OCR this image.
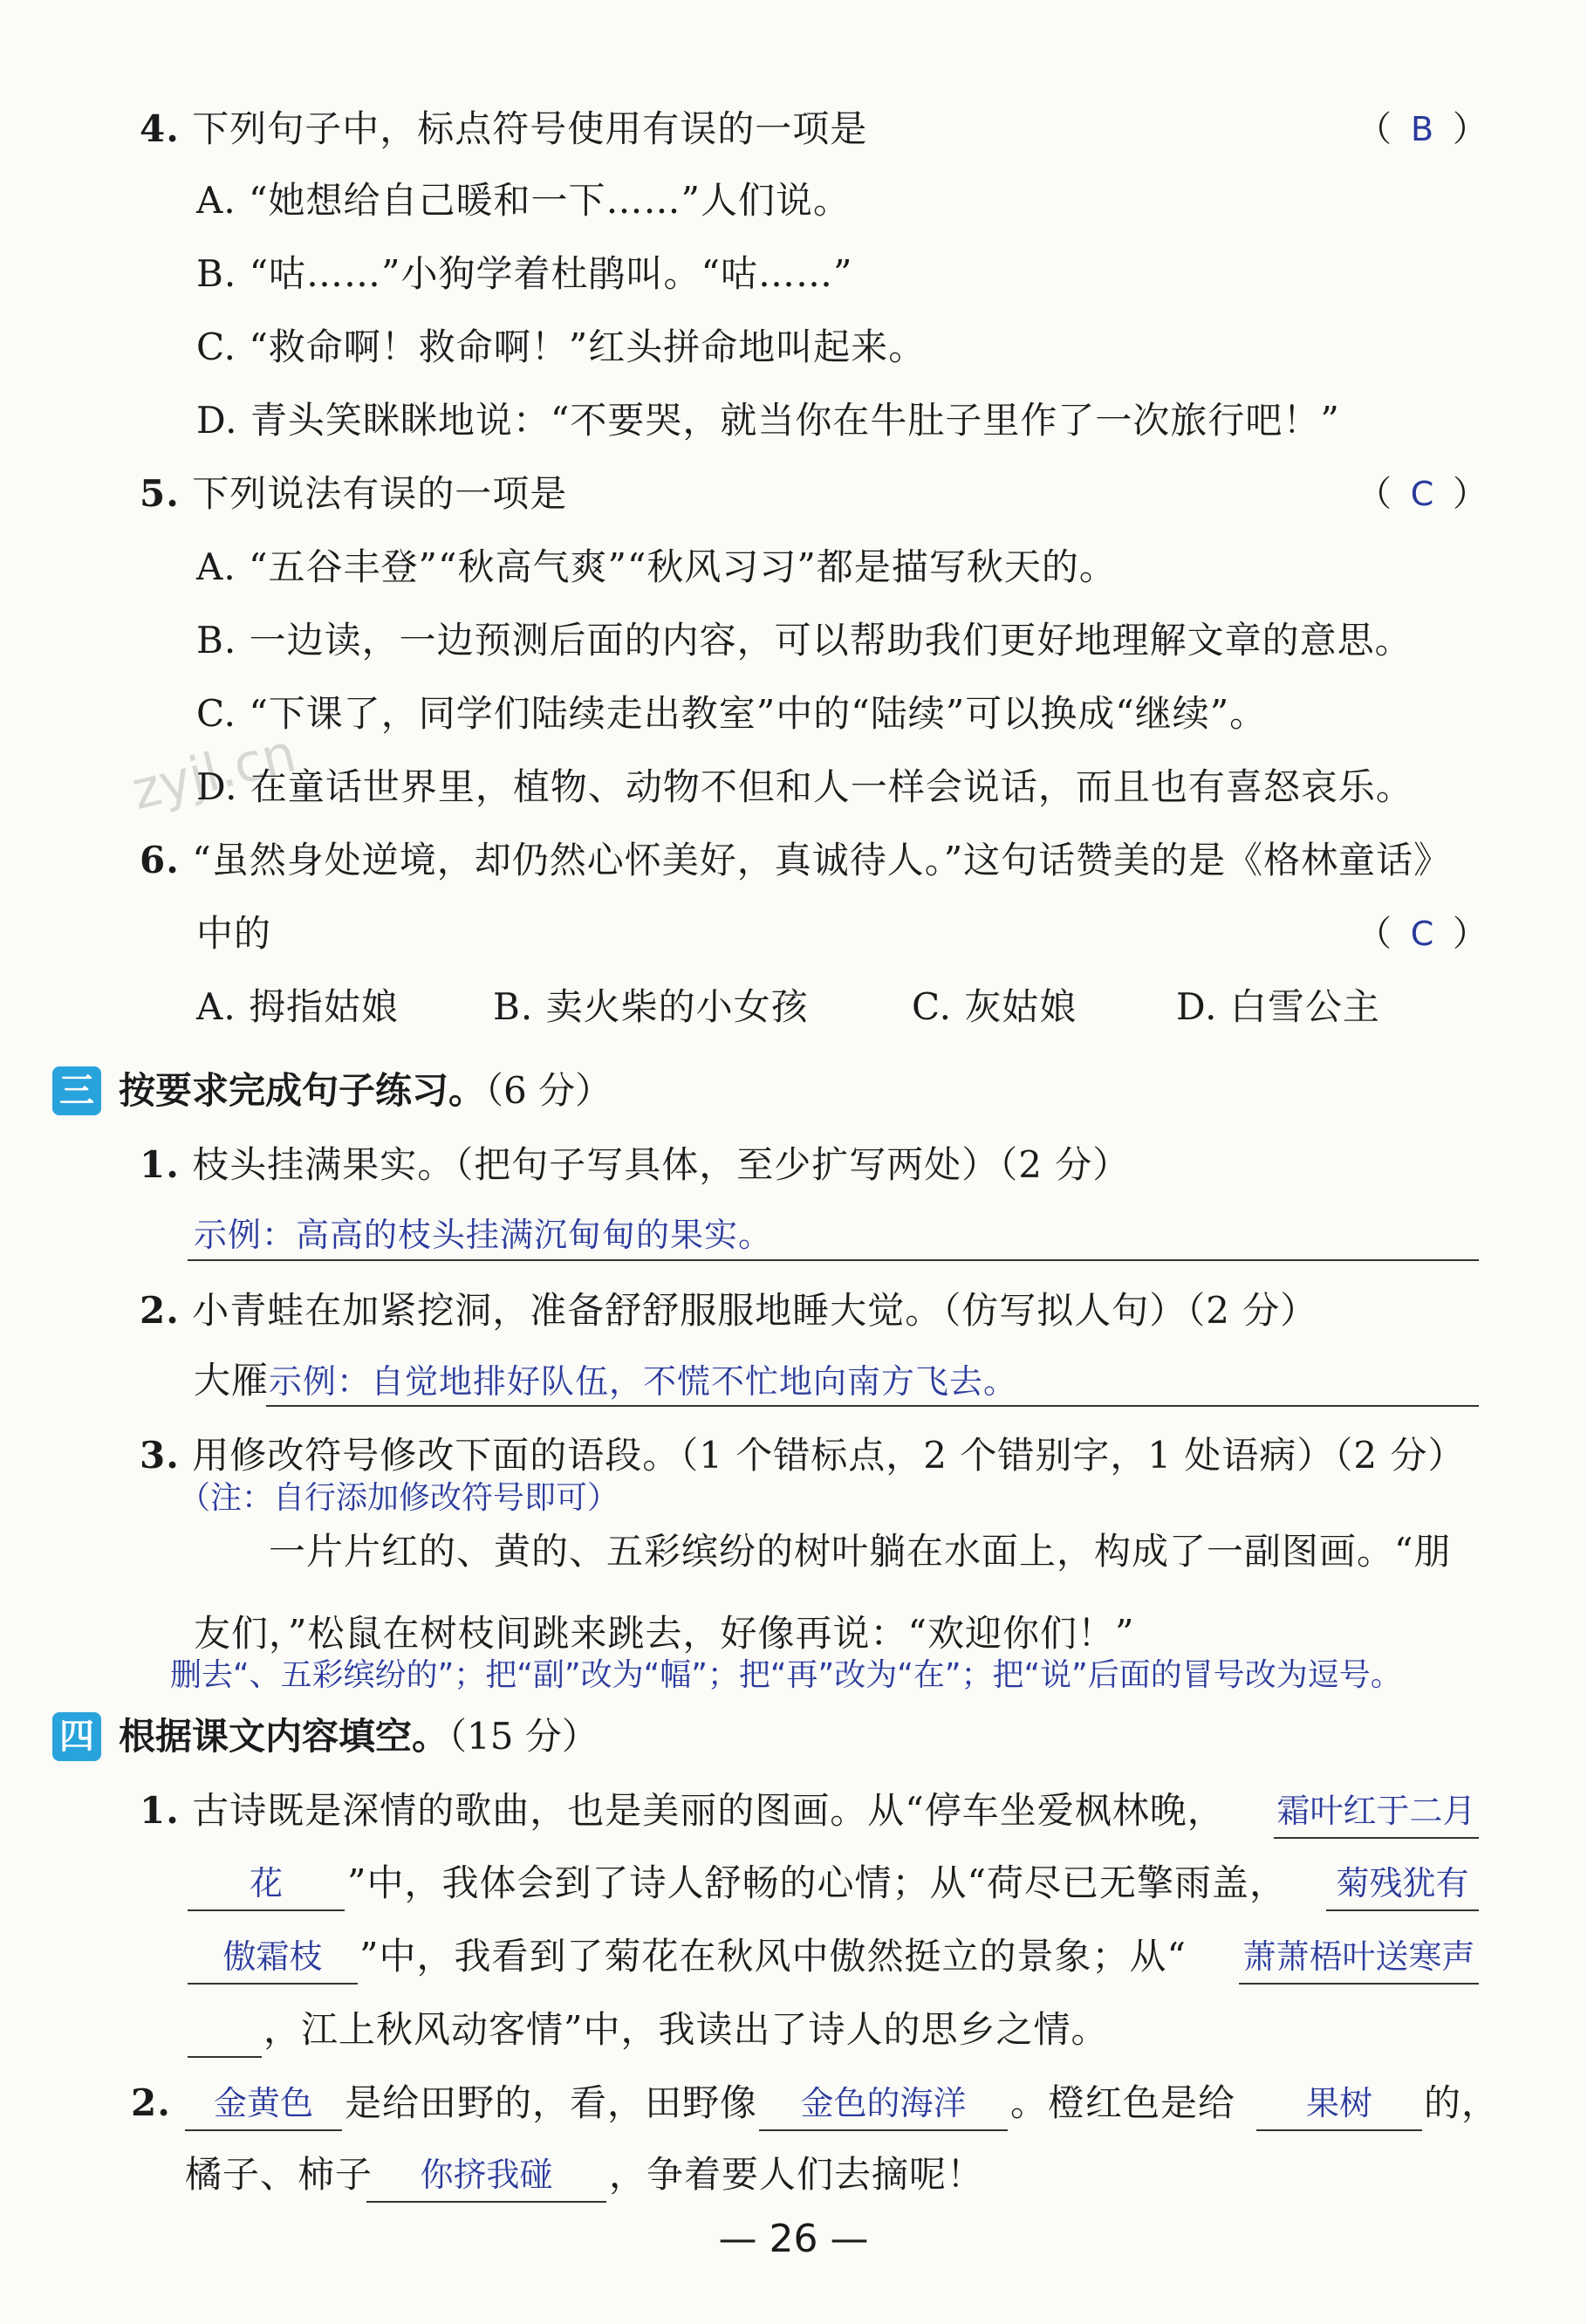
zyjl.cn
4. 下列句子中，标点符号使用有误的一项是	（ B ）
A. “她想给自己暖和一下……”人们说。
B. “咕……”小狗学着杜鹃叫。“咕……”
C. “救命啊！救命啊！”红头拼命地叫起来。
D. 青头笑眯眯地说：“不要哭，就当你在牛肚子里作了一次旅行吧！”
5. 下列说法有误的一项是	（ C ）
A. “五谷丰登”“秋高气爽”“秋风习习”都是描写秋天的。
B. 一边读，一边预测后面的内容，可以帮助我们更好地理解文章的意思。
C. “下课了，同学们陆续走出教室”中的“陆续”可以换成“继续”。
D. 在童话世界里，植物、动物不但和人一样会说话，而且也有喜怒哀乐。
6. “虽然身处逆境，却仍然心怀美好，真诚待人。”这句话赞美的是《格林童话》
中的	（ C ）
A. 拇指姑娘	B. 卖火柴的小女孩	C. 灰姑娘	D. 白雪公主
三 按要求完成句子练习。（6 分）
1. 枝头挂满果实。（把句子写具体，至少扩写两处）（2 分）
示例：高高的枝头挂满沉甸甸的果实。
2. 小青蛙在加紧挖洞，准备舒舒服服地睡大觉。（仿写拟人句）（2 分）
大雁示例：自觉地排好队伍，不慌不忙地向南方飞去。
3. 用修改符号修改下面的语段。（1 个错标点，2 个错别字，1 处语病）（2 分）
（注：自行添加修改符号即可）
一片片红的、黄的、五彩缤纷的树叶躺在水面上，构成了一副图画。“朋
友们，”松鼠在树枝间跳来跳去，好像再说：“欢迎你们！”
删去“、五彩缤纷的”；把“副”改为“幅”；把“再”改为“在”；把“说”后面的冒号改为逗号。
四 根据课文内容填空。（15 分）
1. 古诗既是深情的歌曲，也是美丽的图画。从“停车坐爱枫林晚， 霜叶红于二月
花	”中，我体会到了诗人舒畅的心情；从“荷尽已无擎雨盖，	菊残犹有
傲霜枝	”中，我看到了菊花在秋风中傲然挺立的景象；从“ 萧萧梧叶送寒声
，江上秋风动客情”中，我读出了诗人的思乡之情。
2.	金黄色 是给田野的，看，田野像	金色的海洋	。橙红色是给	果树	的，
橘子、柿子	你挤我碰	，争着要人们去摘呢！
— 26 —
